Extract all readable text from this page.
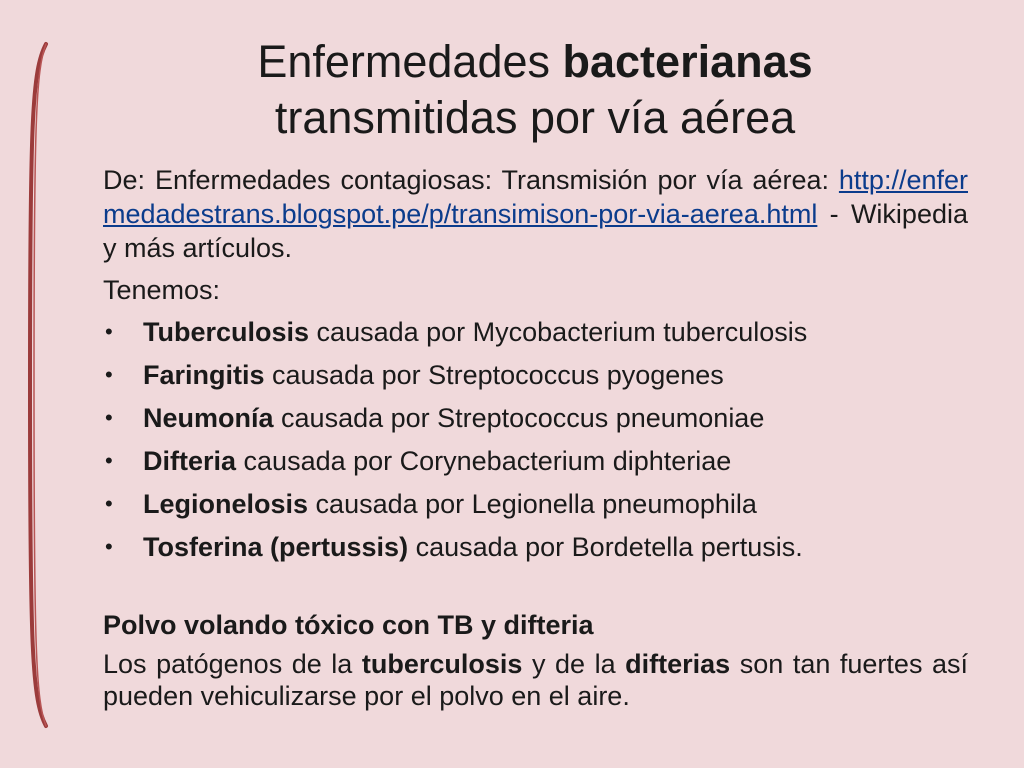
Enfermedades bacterianas
transmitidas por vía aérea

De: Enfermedades contagiosas: Transmisión por vía aérea: http://enfermedadestrans.blogspot.pe/p/transimison-por-via-aerea.html - Wikipedia y más artículos.

Tenemos:

• Tuberculosis causada por Mycobacterium tuberculosis
• Faringitis causada por Streptococcus pyogenes
• Neumonía causada por Streptococcus pneumoniae
• Difteria causada por Corynebacterium diphteriae
• Legionelosis causada por Legionella pneumophila
• Tosferina (pertussis) causada por Bordetella pertusis.

Polvo volando tóxico con TB y difteria

Los patógenos de la tuberculosis y de la difterias son tan fuertes así pueden vehiculizarse por el polvo en el aire.
